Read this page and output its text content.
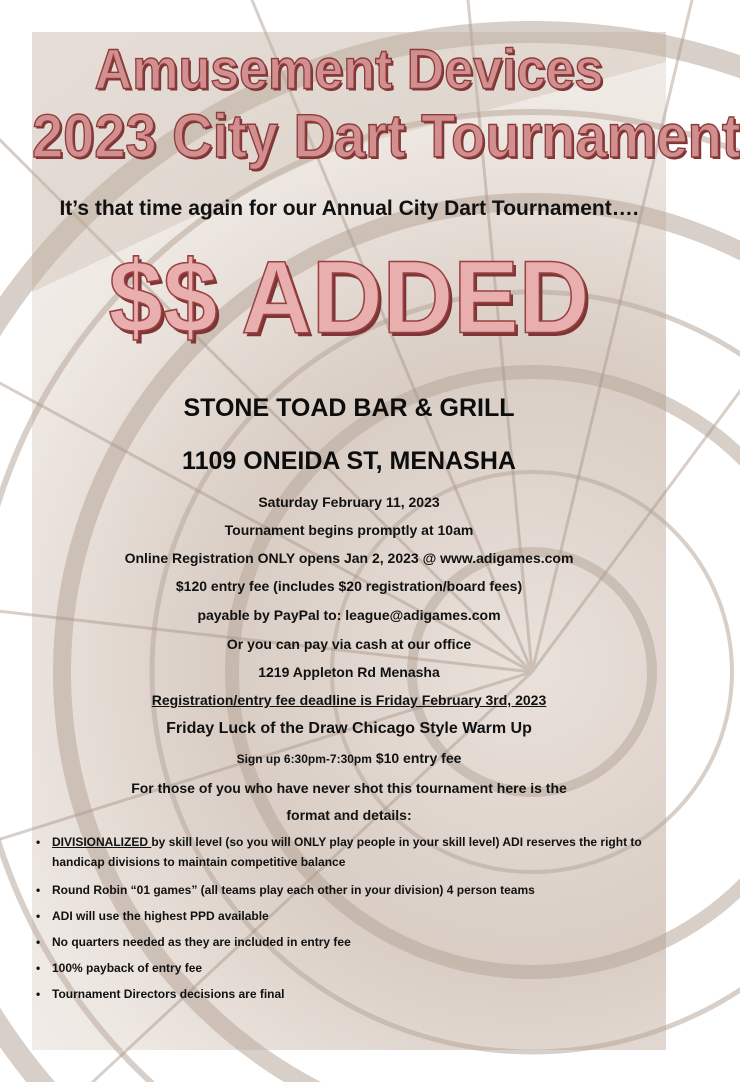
Amusement Devices
2023 City Dart Tournament
It’s that time again for our Annual City Dart Tournament….
$$ ADDED
STONE TOAD BAR & GRILL
1109 ONEIDA ST, MENASHA
Saturday February 11, 2023
Tournament begins promptly at 10am
Online Registration ONLY opens Jan 2, 2023 @ www.adigames.com
$120 entry fee (includes $20 registration/board fees)
payable by PayPal to: league@adigames.com
Or you can pay via cash at our office
1219 Appleton Rd Menasha
Registration/entry fee deadline is Friday February 3rd, 2023
Friday Luck of the Draw Chicago Style Warm Up
Sign up 6:30pm-7:30pm $10 entry fee
For those of you who have never shot this tournament here is the
format and details:
• DIVISIONALIZED by skill level (so you will ONLY play people in your skill level) ADI reserves the right to handicap divisions to maintain competitive balance
• Round Robin “01 games” (all teams play each other in your division) 4 person teams
• ADI will use the highest PPD available
• No quarters needed as they are included in entry fee
• 100% payback of entry fee
• Tournament Directors decisions are final
